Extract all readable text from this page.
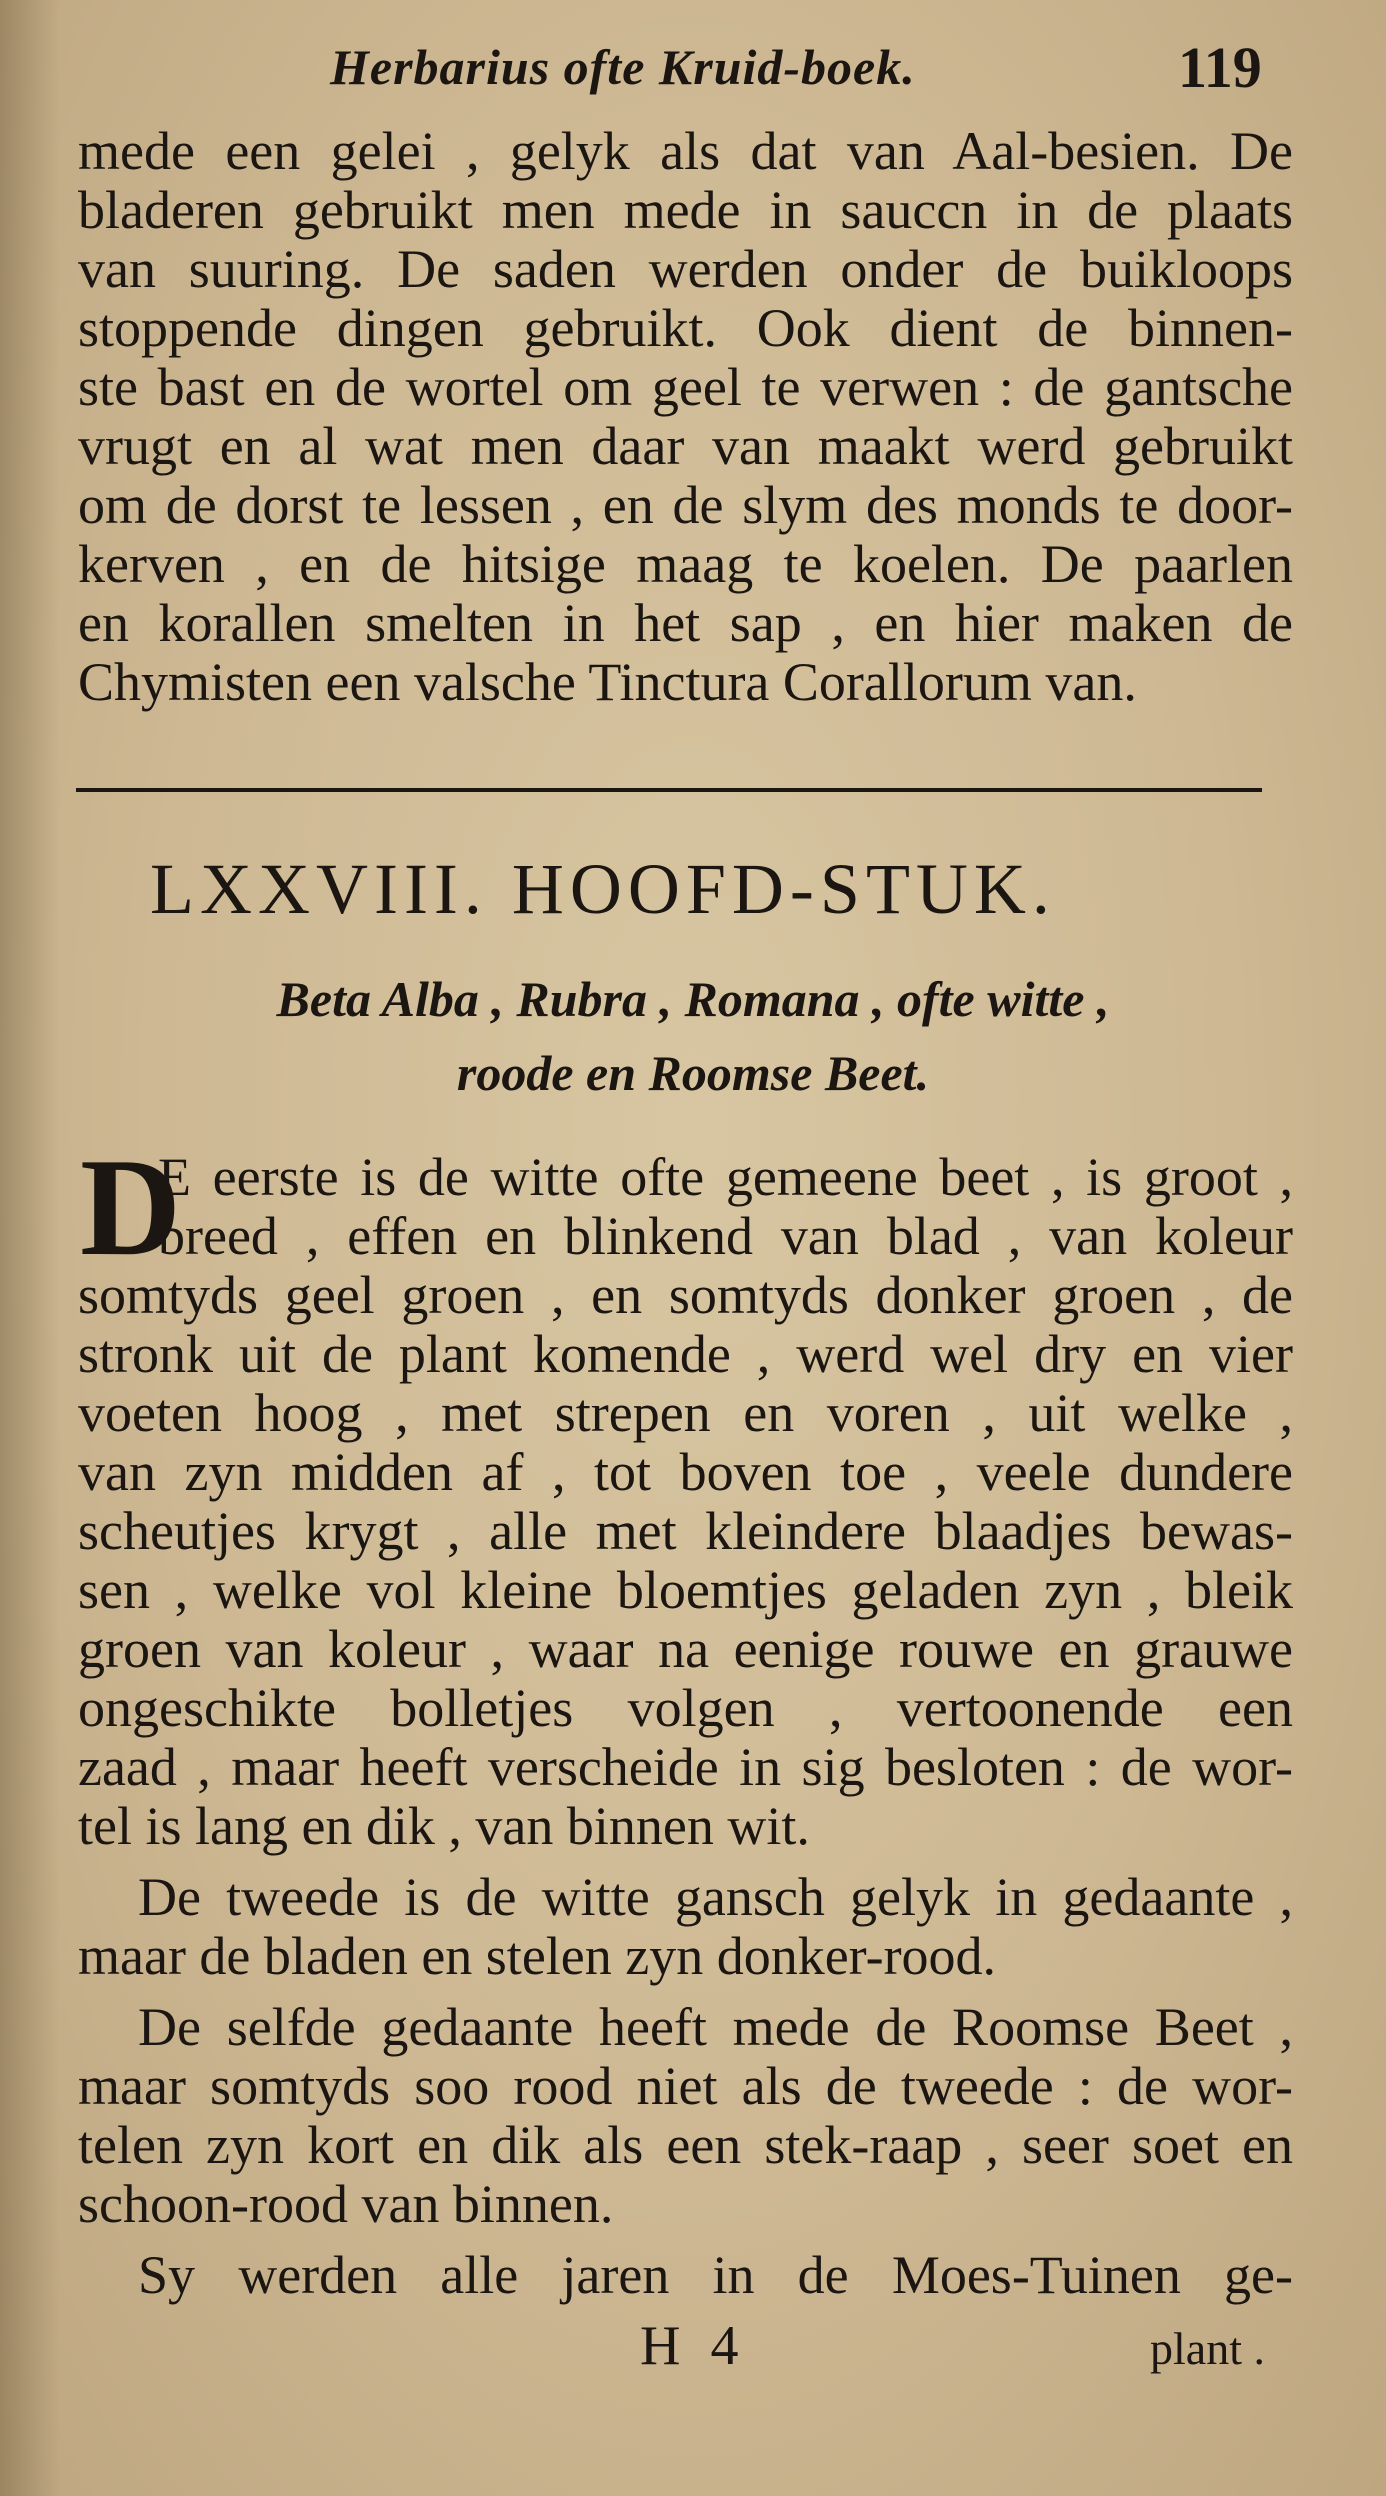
Herbarius ofte Kruid-boek.	119
mede een gelei , gelyk als dat van Aal-besien. De
bladeren gebruikt men mede in sauccn in de plaats
van suuring. De saden werden onder de buikloops
stoppende dingen gebruikt. Ook dient de binnen-
ste bast en de wortel om geel te verwen : de gantsche
vrugt en al wat men daar van maakt werd gebruikt
om de dorst te lessen , en de slym des monds te door-
kerven , en de hitsige maag te koelen. De paarlen
en korallen smelten in het sap , en hier maken de
Chymisten een valsche Tinctura Corallorum van.
LXXVIII. HOOFD-STUK.
Beta Alba , Rubra , Romana , ofte witte ,
roode en Roomse Beet.
D
E eerste is de witte ofte gemeene beet , is groot ,
breed , effen en blinkend van blad , van koleur
somtyds geel groen , en somtyds donker groen , de
stronk uit de plant komende , werd wel dry en vier
voeten hoog , met strepen en voren , uit welke ,
van zyn midden af , tot boven toe , veele dundere
scheutjes krygt , alle met kleindere blaadjes bewas-
sen , welke vol kleine bloemtjes geladen zyn , bleik
groen van koleur , waar na eenige rouwe en grauwe
ongeschikte bolletjes volgen , vertoonende een
zaad , maar heeft verscheide in sig besloten : de wor-
tel is lang en dik , van binnen wit.
De tweede is de witte gansch gelyk in gedaante ,
maar de bladen en stelen zyn donker-rood.
De selfde gedaante heeft mede de Roomse Beet ,
maar somtyds soo rood niet als de tweede : de wor-
telen zyn kort en dik als een stek-raap , seer soet en
schoon-rood van binnen.
Sy werden alle jaren in de Moes-Tuinen ge-
H 4	plant .
